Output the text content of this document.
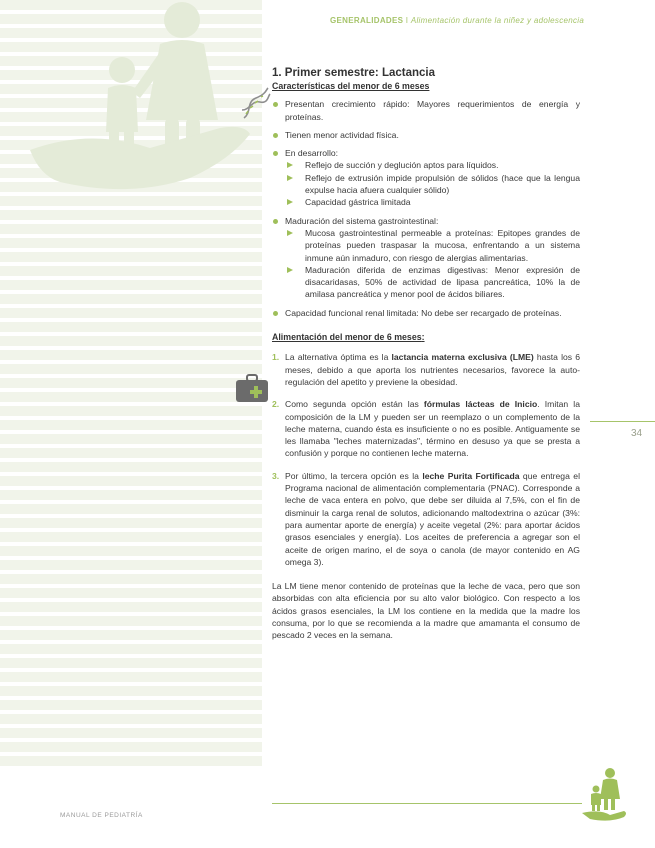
GENERALIDADES I Alimentación durante la niñez y adolescencia
1. Primer semestre: Lactancia
Características del menor de 6 meses
Presentan crecimiento rápido: Mayores requerimientos de energía y proteínas.
Tienen menor actividad física.
En desarrollo:
Reflejo de succión y deglución aptos para líquidos.
Reflejo de extrusión impide propulsión de sólidos (hace que la lengua expulse hacia afuera cualquier sólido)
Capacidad gástrica limitada
Maduración del sistema gastrointestinal:
Mucosa gastrointestinal permeable a proteínas: Epitopes grandes de proteínas pueden traspasar la mucosa, enfrentando a un sistema inmune aún inmaduro, con riesgo de alergias alimentarias.
Maduración diferida de enzimas digestivas: Menor expresión de disacaridasas, 50% de actividad de lipasa pancreática, 10% la de amilasa pancreática y menor pool de ácidos biliares.
Capacidad funcional renal limitada: No debe ser recargado de proteínas.
Alimentación del menor de 6 meses:
1. La alternativa óptima es la lactancia materna exclusiva (LME) hasta los 6 meses, debido a que aporta los nutrientes necesarios, favorece la auto-regulación del apetito y previene la obesidad.
2. Como segunda opción están las fórmulas lácteas de Inicio. Imitan la composición de la LM y pueden ser un reemplazo o un complemento de la leche materna, cuando ésta es insuficiente o no es posible. Antiguamente se les llamaba "leches maternizadas", término en desuso ya que se presta a confusión y porque no contienen leche materna.
3. Por último, la tercera opción es la leche Purita Fortificada que entrega el Programa nacional de alimentación complementaria (PNAC). Corresponde a leche de vaca entera en polvo, que debe ser diluida al 7,5%, con el fin de disminuir la carga renal de solutos, adicionando maltodextrina o azúcar (3%: para aumentar aporte de energía) y aceite vegetal (2%: para aportar ácidos grasos esenciales y energía). Los aceites de preferencia a agregar son el aceite de origen marino, el de soya o canola (de mayor contenido en AG omega 3).
La LM tiene menor contenido de proteínas que la leche de vaca, pero que son absorbidas con alta eficiencia por su alto valor biológico. Con respecto a los ácidos grasos esenciales, la LM los contiene en la medida que la madre los consuma, por lo que se recomienda a la madre que amamanta el consumo de pescado 2 veces en la semana.
34
MANUAL DE PEDIATRÍA
